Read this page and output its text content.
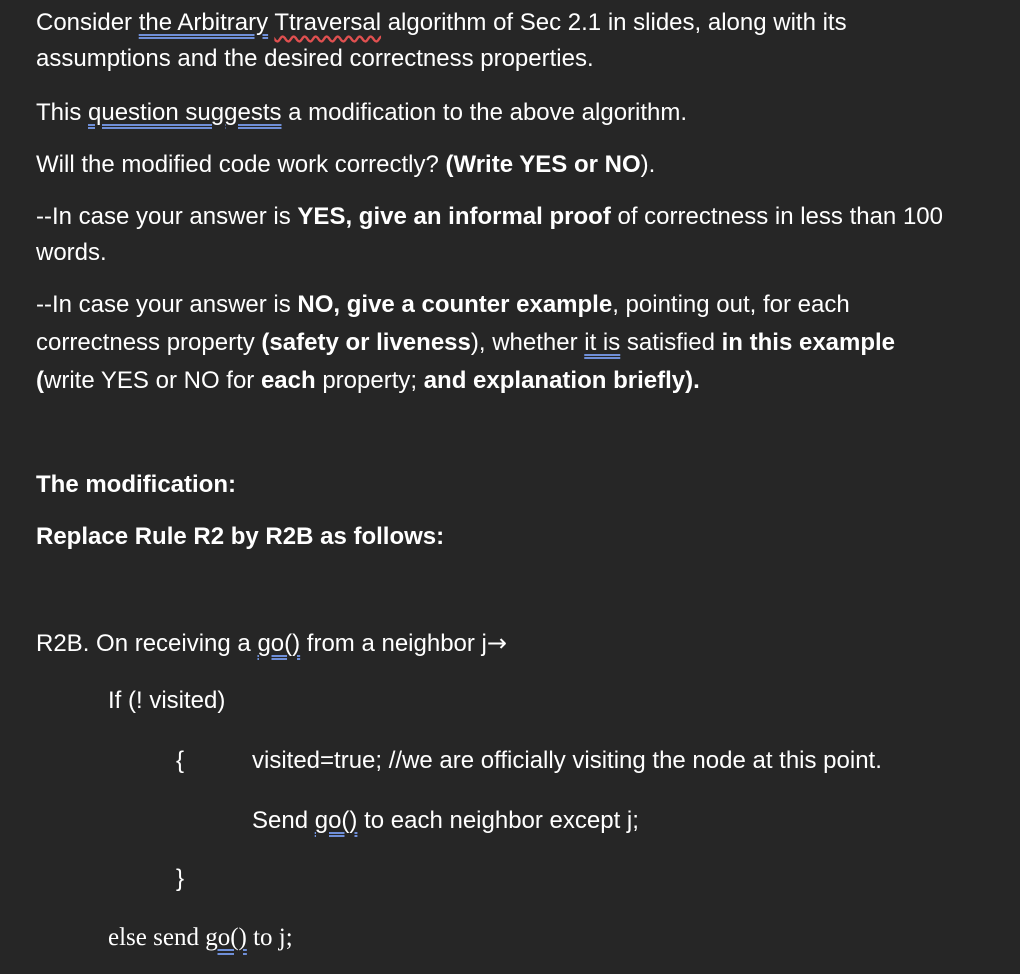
Consider the Arbitrary Ttraversal algorithm of Sec 2.1 in slides, along with its
assumptions and the desired correctness properties.
This question suggests a modification to the above algorithm.
Will the modified code work correctly? (Write YES or NO).
--In case your answer is YES, give an informal proof of correctness in less than 100
words.
--In case your answer is NO, give a counter example, pointing out, for each
correctness property (safety or liveness), whether it is satisfied in this example
(write YES or NO for each property; and explanation briefly).
The modification:
Replace Rule R2 by R2B as follows:
R2B. On receiving a go() from a neighbor j→
If (! visited)
{	visited=true; //we are officially visiting the node at this point.
Send go() to each neighbor except j;
}
else send go() to j;
